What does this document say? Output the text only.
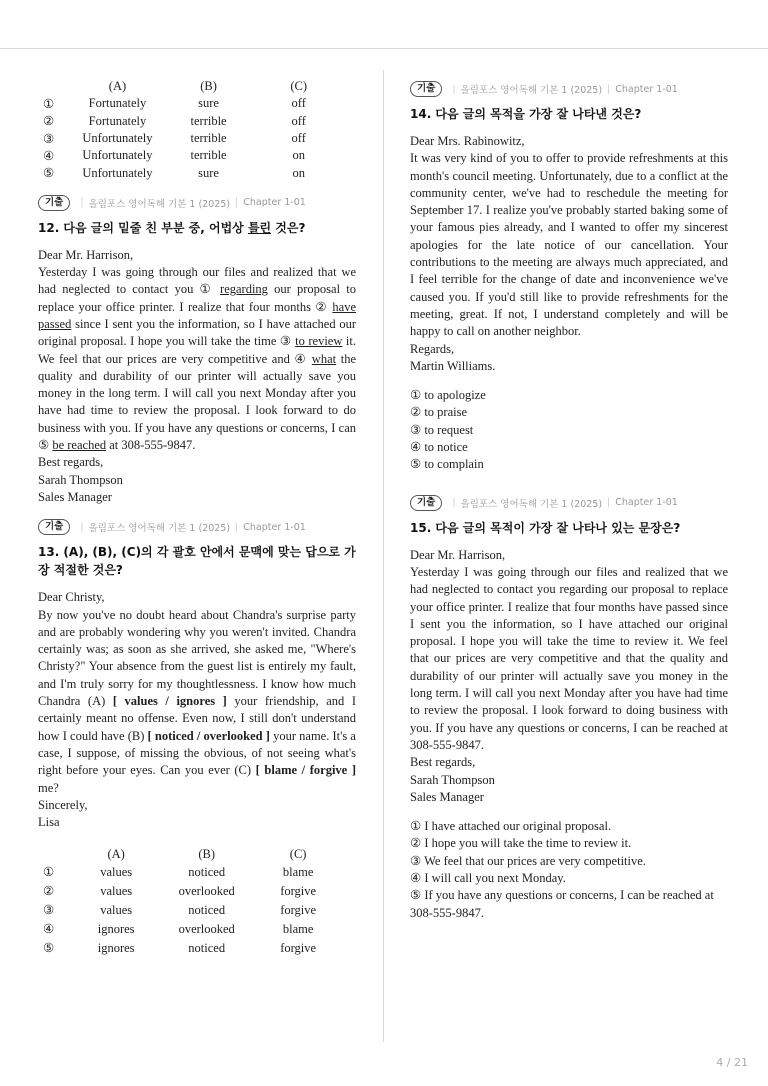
	(A)	(B)	(C)
①	Fortunately	sure	off
②	Fortunately	terrible	off
③	Unfortunately	terrible	off
④	Unfortunately	terrible	on
⑤	Unfortunately	sure	on
기출	| 올림포스 영어독해 기본 1 (2025) | Chapter 1-01
12. 다음 글의 밑줄 친 부분 중, 어법상 틀린 것은?
Dear Mr. Harrison,
Yesterday I was going through our files and realized that we had neglected to contact you ① regarding our proposal to replace your office printer. I realize that four months ② have passed since I sent you the information, so I have attached our original proposal. I hope you will take the time ③ to review it. We feel that our prices are very competitive and ④ what the quality and durability of our printer will actually save you money in the long term. I will call you next Monday after you have had time to review the proposal. I look forward to do business with you. If you have any questions or concerns, I can ⑤ be reached at 308-555-9847.
Best regards,
Sarah Thompson
Sales Manager
기출	| 올림포스 영어독해 기본 1 (2025) | Chapter 1-01
13. (A), (B), (C)의 각 괄호 안에서 문맥에 맞는 답으로 가장 적절한 것은?
Dear Christy,
By now you've no doubt heard about Chandra's surprise party and are probably wondering why you weren't invited. Chandra certainly was; as soon as she arrived, she asked me, "Where's Christy?" Your absence from the guest list is entirely my fault, and I'm truly sorry for my thoughtlessness. I know how much Chandra (A) [ values / ignores ] your friendship, and I certainly meant no offense. Even now, I still don't understand how I could have (B) [ noticed / overlooked ] your name. It's a case, I suppose, of missing the obvious, of not seeing what's right before your eyes. Can you ever (C) [ blame / forgive ] me?
Sincerely,
Lisa
	(A)	(B)	(C)
①	values	noticed	blame
②	values	overlooked	forgive
③	values	noticed	forgive
④	ignores	overlooked	blame
⑤	ignores	noticed	forgive
기출	| 올림포스 영어독해 기본 1 (2025) | Chapter 1-01
14. 다음 글의 목적을 가장 잘 나타낸 것은?
Dear Mrs. Rabinowitz,
It was very kind of you to offer to provide refreshments at this month's council meeting. Unfortunately, due to a conflict at the community center, we've had to reschedule the meeting for September 17. I realize you've probably started baking some of your famous pies already, and I wanted to offer my sincerest apologies for the late notice of our cancellation. Your contributions to the meeting are always much appreciated, and I feel terrible for the change of date and inconvenience we've caused you. If you'd still like to provide refreshments for the meeting, great. If not, I understand completely and will be happy to call on another neighbor.
Regards,
Martin Williams.
① to apologize
② to praise
③ to request
④ to notice
⑤ to complain
기출	| 올림포스 영어독해 기본 1 (2025) | Chapter 1-01
15. 다음 글의 목적이 가장 잘 나타나 있는 문장은?
Dear Mr. Harrison,
Yesterday I was going through our files and realized that we had neglected to contact you regarding our proposal to replace your office printer. I realize that four months have passed since I sent you the information, so I have attached our original proposal. I hope you will take the time to review it. We feel that our prices are very competitive and that the quality and durability of our printer will actually save you money in the long term. I will call you next Monday after you have had time to review the proposal. I look forward to doing business with you. If you have any questions or concerns, I can be reached at 308-555-9847.
Best regards,
Sarah Thompson
Sales Manager
① I have attached our original proposal.
② I hope you will take the time to review it.
③ We feel that our prices are very competitive.
④ I will call you next Monday.
⑤ If you have any questions or concerns, I can be reached at 308-555-9847.
4 / 21
